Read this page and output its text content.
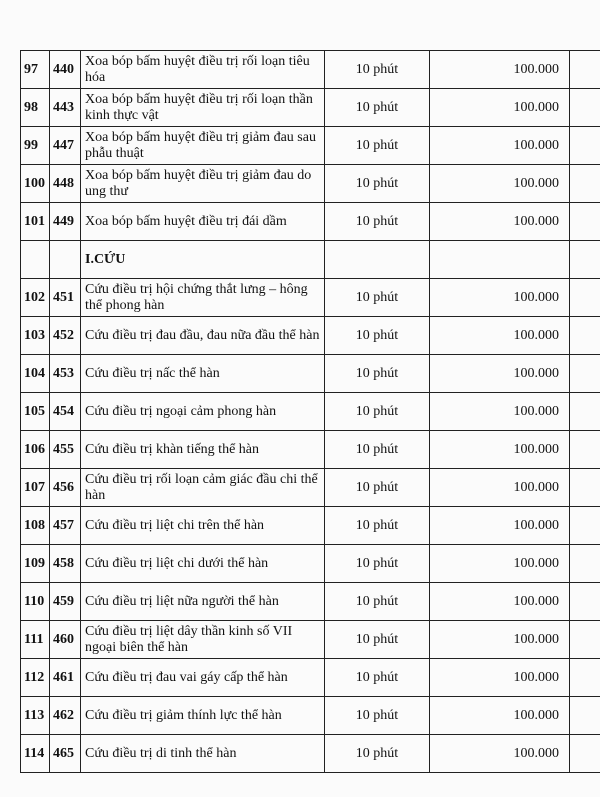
97	440	Xoa bóp bấm huyệt điều trị rối loạn tiêu hóa	10 phút	100.000	
98	443	Xoa bóp bấm huyệt điều trị rối loạn thần kinh thực vật	10 phút	100.000	
99	447	Xoa bóp bấm huyệt điều trị giảm đau sau phẫu thuật	10 phút	100.000	
100	448	Xoa bóp bấm huyệt điều trị giảm đau do ung thư	10 phút	100.000	
101	449	Xoa bóp bấm huyệt điều trị đái dầm	10 phút	100.000	
		I.CỨU			
102	451	Cứu điều trị hội chứng thắt lưng – hông thể phong hàn	10 phút	100.000	
103	452	Cứu điều trị đau đầu, đau nữa đầu thể hàn	10 phút	100.000	
104	453	Cứu điều trị nấc thể hàn	10 phút	100.000	
105	454	Cứu điều trị ngoại cảm phong hàn	10 phút	100.000	
106	455	Cứu điều trị khàn tiếng thể hàn	10 phút	100.000	
107	456	Cứu điều trị rối loạn cảm giác đầu chi thể hàn	10 phút	100.000	
108	457	Cứu điều trị liệt chi trên thể hàn	10 phút	100.000	
109	458	Cứu điều trị liệt chi dưới thể hàn	10 phút	100.000	
110	459	Cứu điều trị liệt nữa người thể hàn	10 phút	100.000	
111	460	Cứu điều trị liệt dây thần kinh số VII ngoại biên thể hàn	10 phút	100.000	
112	461	Cứu điều trị đau vai gáy cấp thể hàn	10 phút	100.000	
113	462	Cứu điều trị giảm thính lực thể hàn	10 phút	100.000	
114	465	Cứu điều trị di tinh thể hàn	10 phút	100.000	
